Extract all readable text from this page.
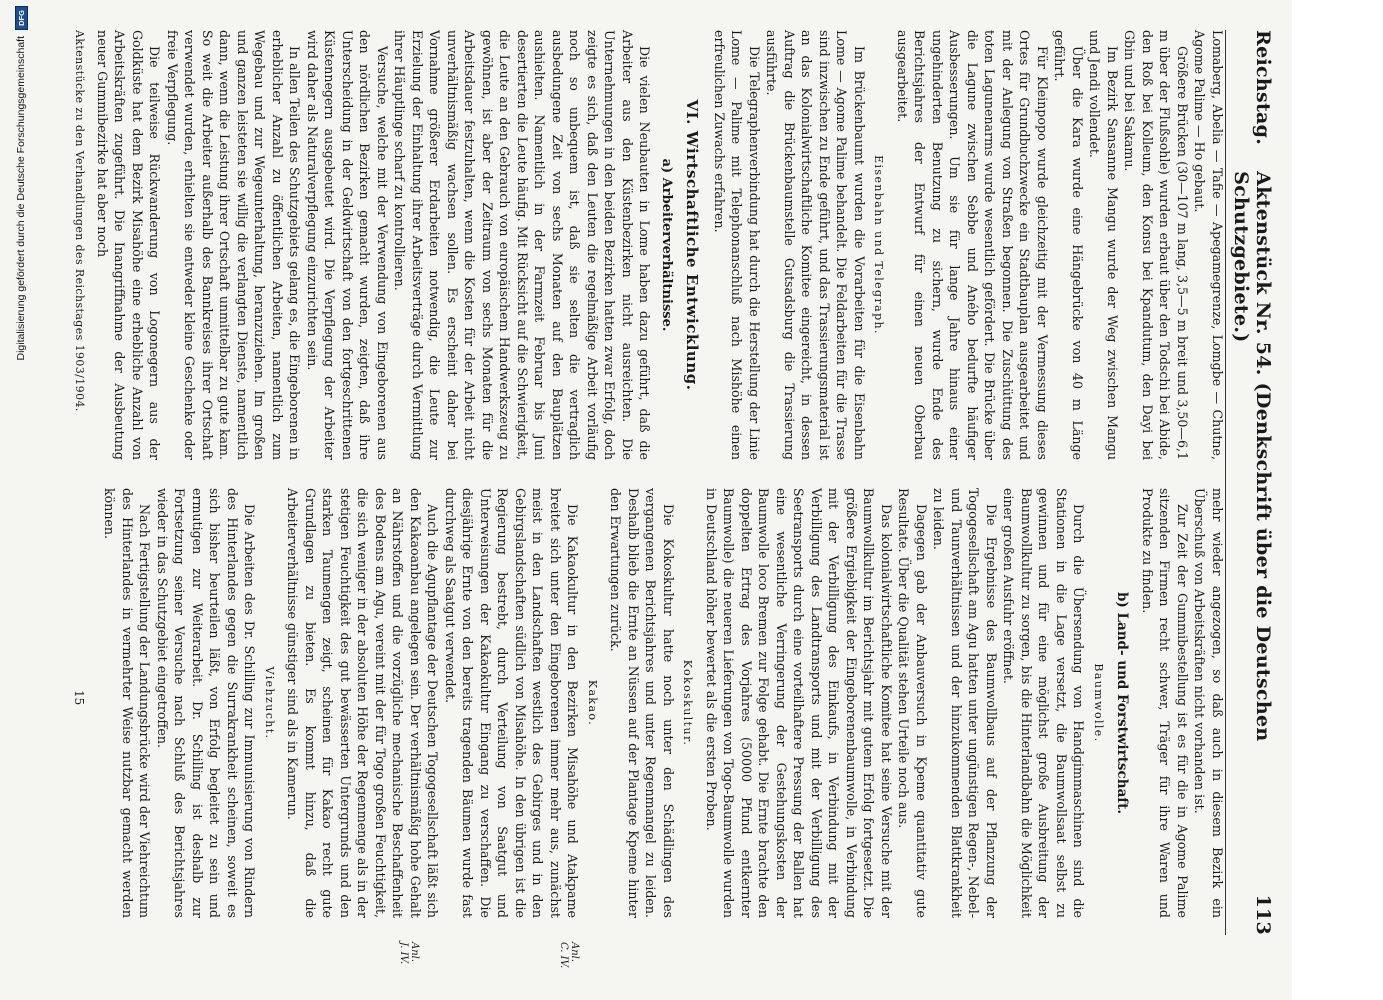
Reichstag.
Aktenstück Nr. 54. (Denkschrift über die Deutschen Schutzgebiete.)
113

Lomaberg, Abelia — Tafie — Apegamegrenze, Lomgbe — Chutne, Agome Palime — Ho gebaut.

Größere Brücken (30—107 m lang, 3,5—5 m breit und 3,50—6,1 m über der Flußsohle) wurden erbaut über den Todschi bei Abide, den Roß bei Kolleum, den Konsu bei Kpandutum, den Dayi bei Gbin und bei Sakamu.

Im Bezirk Sansanne Mangu wurde der Weg zwischen Mangu und Jendi vollendet.

Über die Kara wurde eine Hängebrücke von 40 m Länge geführt.

Für Kleinpopo wurde gleichzeitig mit der Vermessung dieses Ortes für Grundbuchzwecke ein Stadtbauplan ausgearbeitet und mit der Anlegung von Straßen begonnen. Die Zuschüttung des toten Lagunenarms wurde wesentlich gefördert. Die Brücke über die Lagune zwischen Sebbe und Aného bedurfte häufiger Ausbesserungen. Um sie für lange Jahre hinaus einer ungehinderten Benutzung zu sichern, wurde Ende des Berichtsjahres der Entwurf für einen neuen Oberbau ausgearbeitet.

Eisenbahn und Telegraph.

Im Brückenbaumt wurden die Vorarbeiten für die Eisenbahn Lome — Agome Palime behandelt. Die Feldarbeiten für die Trasse sind inzwischen zu Ende geführt, und das Trassierungsmaterial ist an das Kolonialwirtschaftliche Komitee eingereicht, in dessen Auftrag die Brückenbaumstelle Gutsadsburg die Trassierung ausführte.

Die Telegraphenverbindung hat durch die Herstellung der Linie Lome — Palime mit Telephonanschluß nach Mishöhe einen erfreulichen Zuwachs erfahren.

VI.Wirtschaftliche Entwicklung.
a) Arbeiterverhältnisse.

Die vielen Neubauten in Lome haben dazu geführt, daß die Arbeiter aus den Küstenbezirken nicht ausreichten. Die Unternehmungen in den beiden Bezirken hatten zwar Erfolg, doch zeigte es sich, daß den Leuten die regelmäßige Arbeit vorläufig noch so unbequem ist, daß sie selten die vertraglich ausbedungene Zeit von sechs Monaten auf den Bauplätzen aushielten. Namentlich in der Farmzeit Februar bis Juni desertierten die Leute häufig. Mit Rücksicht auf die Schwierigkeit, die Leute an den Gebrauch von europäischem Handwerkszeug zu gewöhnen, ist aber der Zeitraum von sechs Monaten für die Arbeitsdauer festzuhalten, wenn die Kosten für der Arbeit nicht unverhältnismäßig wachsen sollen. Es erscheint daher bei Vornahme größerer Erdarbeiten notwendig, die Leute zur Erzielung der Einhaltung ihrer Arbeitsverträge durch Vermittlung ihrer Häuptlinge scharf zu kontrollieren.

Versuche, welche mit der Verwendung von Eingeborenen aus den nördlichen Bezirken gemacht wurden, zeigten, daß ihre Unterscheidung in der Geldwirtschaft von den fortgeschrittenen Küstennegern ausgebeutet wird. Die Verpflegung der Arbeiter wird daher als Naturalverpflegung einzurichten sein.

In allen Teilen des Schutzgebiets gelang es, die Eingeborenen in erheblicher Anzahl zu öffentlichen Arbeiten, namentlich zum Wegebau und zur Wegeunterhaltung, heranzuziehen. Im großen und ganzen leisteten sie willig die verlangten Dienste, namentlich dann, wenn die Leistung ihrer Ortschaft unmittelbar zu gute kam. So weit die Arbeiter außerhalb des Bannkreises ihrer Ortschaft verwendet wurden, erhielten sie entweder kleine Geschenke oder freie Verpflegung.

Die teilweise Rückwanderung von Logonegern aus der Goldküste hat dem Bezirk Misahöhe eine erhebliche Anzahl von Arbeitskräften zugeführt. Die Inangriffnahme der Ausbeutung neuer Gummibezirke hat aber noch

mehr wieder angezogen, so daß auch in diesem Bezirk ein Überschuß von Arbeitskräften nicht vorhanden ist.

Zur Zeit der Gummibestellung ist es für die in Agome Palime sitzenden Firmen recht schwer, Träger für ihre Waren und Produkte zu finden.

b) Land- und Forstwirtschaft.
Baumwolle.

Durch die Übersendung von Handgimmaschinen sind die Stationen in die Lage versetzt, die Baumwollsaat selbst zu gewinnen und für eine möglichst große Ausbreitung der Baumwollkultur zu sorgen, bis die Hinterlandbahn die Möglichkeit einer großen Ausfuhr eröffnet.

Die Ergebnisse des Baumwollbaus auf der Pflanzung der Togogesellschaft am Agu hatten unter ungünstigen Regen-, Nebel- und Taunverhältnissen und der hinzukommenden Blattkrankheit zu leiden.

Dagegen gab der Anbauversuch in Kpeme quantitativ gute Resultate. Über die Qualität stehen Urteile noch aus.

Das kolonialwirtschaftliche Komitee hat seine Versuche mit der Baumwollkultur im Berichtsjahr mit gutem Erfolg fortgesetzt. Die größere Ergiebigkeit der Eingeborenenbaumwolle, in Verbindung mit der Verbilligung des Einkaufs, in Verbindung mit der Verbilligung des Landtransports und mit der Verbilligung des Seetransports durch eine vorteilhaftere Pressung der Ballen hat eine wesentliche Verringerung der Gestehungskosten der Baumwolle loco Bremen zur Folge gehabt. Die Ernte brachte den doppelten Ertrag des Vorjahres (50000 Pfund entkernter Baumwolle) die neueren Lieferungen von Togo-Baumwolle wurden in Deutschland höher bewertet als die ersten Proben.

Kokoskultur.

Die Kokoskultur hatte noch unter den Schädlingen des vergangenen Berichtsjahres und unter Regenmangel zu leiden. Deshalb blieb die Ernte an Nüssen auf der Plantage Kpeme hinter den Erwartungen zurück.

Kakao.

Die Kakaokultur in den Bezirken Misahöhe und Atakpame breitet sich unter den Eingeborenen immer mehr aus, zunächst meist in den Landschaften westlich des Gebirges und in den Gebirgslandschaften südlich von Misahöhe. In den übrigen ist die Regierung bestrebt, durch Verteilung von Saatgut und Unterweisungen der Kakaokultur Eingang zu verschaffen. Die diesjährige Ernte von den bereits tragenden Bäumen wurde fast durchweg als Saatgut verwendet.

Auch die Agupflantage der Deutschen Togogesellschaft läßt sich den Kakaoanbau angelegen sein. Der verhältnismäßig hohe Gehalt an Nährstoffen und die vorzügliche mechanische Beschaffenheit des Bodens am Agu, vereint mit der für Togo großen Feuchtigkeit, die sich weniger in der absoluten Höhe der Regenmenge als in der stetigen Feuchtigkeit des gut bewässerten Untergrunds und den starken Taumengen zeigt, scheinen für Kakao recht gute Grundlagen zu bieten. Es kommt hinzu, daß die Arbeiterverhältnisse günstiger sind als in Kamerun.

Viehzucht.

Die Arbeiten des Dr. Schilling zur Immunisierung von Rindern des Hinterlandes gegen die Surrakrankheit scheinen, soweit es sich bisher beurteilen läßt, von Erfolg begleitet zu sein und ermutigen zur Weiterarbeit. Dr. Schilling ist deshalb zur Fortsetzung seiner Versuche nach Schluß des Berichtsjahres wieder in das Schutzgebiet eingetroffen.

Nach Fertigstellung der Landungsbrücke wird der Viehreichtum des Hinterlandes in vermehrter Weise nutzbar gemacht werden können.

Anl.
C. IV.
Anl.
J. IV.
Aktenstücke zu den Verhandlungen des Reichstages 1903/1904.
15
Digitalisierung gefördert durch die Deutsche Forschungsgemeinschaft
DFG
